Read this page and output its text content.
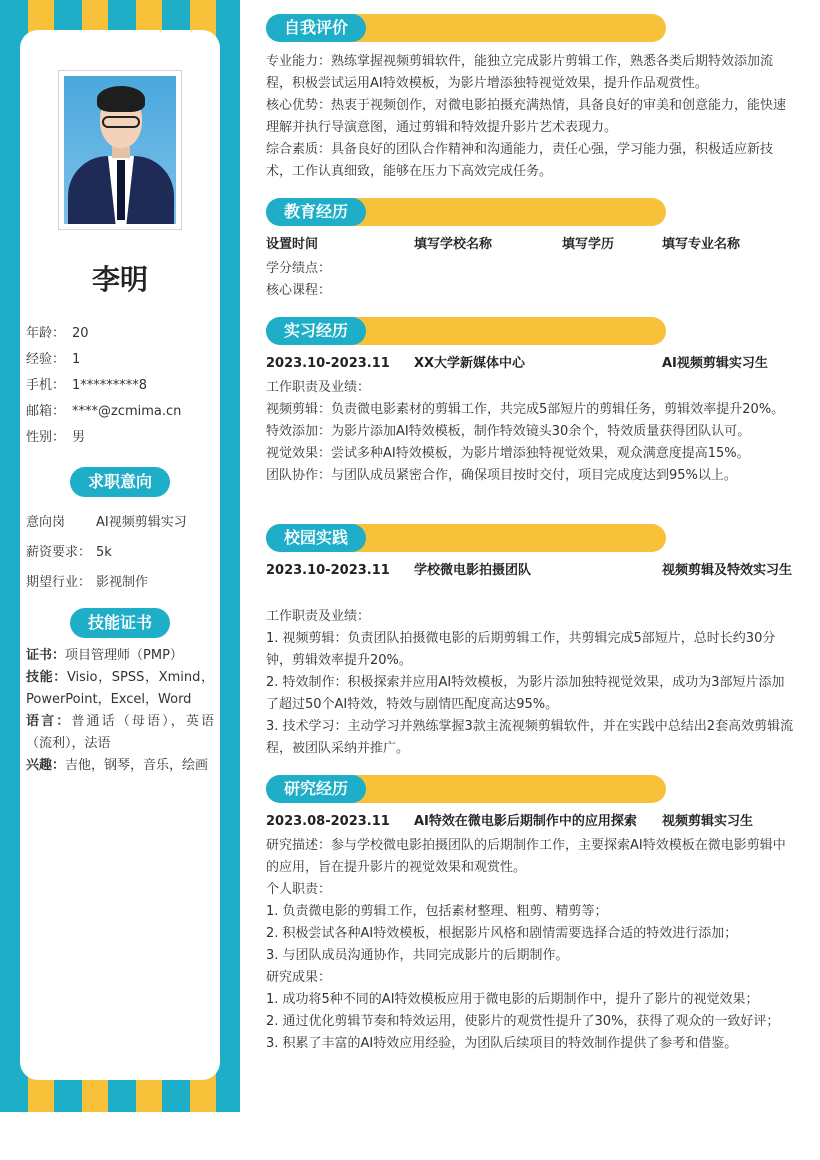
李明
年龄： 20
经验： 1
手机： 1*********8
邮箱： ****@zcmima.cn
性别： 男
求职意向
意向岗 AI视频剪辑实习
薪资要求： 5k
期望行业： 影视制作
技能证书
证书：项目管理师（PMP）
技能：Visio，SPSS，Xmind，PowerPoint，Excel，Word
语言：普通话（母语），英语（流利），法语
兴趣：吉他，钢琴，音乐，绘画
自我评价
专业能力：熟练掌握视频剪辑软件，能独立完成影片剪辑工作，熟悉各类后期特效添加流程，积极尝试运用AI特效模板，为影片增添独特视觉效果，提升作品观赏性。
核心优势：热衷于视频创作，对微电影拍摄充满热情，具备良好的审美和创意能力，能快速理解并执行导演意图，通过剪辑和特效提升影片艺术表现力。
综合素质：具备良好的团队合作精神和沟通能力，责任心强，学习能力强，积极适应新技术，工作认真细致，能够在压力下高效完成任务。
教育经历
设置时间	填写学校名称	填写学历	填写专业名称
学分绩点：
核心课程：
实习经历
2023.10-2023.11 XX大学新媒体中心	AI视频剪辑实习生
工作职责及业绩：
视频剪辑：负责微电影素材的剪辑工作，共完成5部短片的剪辑任务，剪辑效率提升20%。
特效添加：为影片添加AI特效模板，制作特效镜头30余个，特效质量获得团队认可。
视觉效果：尝试多种AI特效模板，为影片增添独特视觉效果，观众满意度提高15%。
团队协作：与团队成员紧密合作，确保项目按时交付，项目完成度达到95%以上。
校园实践
2023.10-2023.11 学校微电影拍摄团队	视频剪辑及特效实习生
工作职责及业绩：
1. 视频剪辑：负责团队拍摄微电影的后期剪辑工作，共剪辑完成5部短片，总时长约30分钟，剪辑效率提升20%。
2. 特效制作：积极探索并应用AI特效模板，为影片添加独特视觉效果，成功为3部短片添加了超过50个AI特效，特效与剧情匹配度高达95%。
3. 技术学习：主动学习并熟练掌握3款主流视频剪辑软件，并在实践中总结出2套高效剪辑流程，被团队采纳并推广。
研究经历
2023.08-2023.11 AI特效在微电影后期制作中的应用探索 视频剪辑实习生
研究描述：参与学校微电影拍摄团队的后期制作工作，主要探索AI特效模板在微电影剪辑中的应用，旨在提升影片的视觉效果和观赏性。
个人职责：
1. 负责微电影的剪辑工作，包括素材整理、粗剪、精剪等；
2. 积极尝试各种AI特效模板，根据影片风格和剧情需要选择合适的特效进行添加；
3. 与团队成员沟通协作，共同完成影片的后期制作。
研究成果：
1. 成功将5种不同的AI特效模板应用于微电影的后期制作中，提升了影片的视觉效果；
2. 通过优化剪辑节奏和特效运用，使影片的观赏性提升了30%，获得了观众的一致好评；
3. 积累了丰富的AI特效应用经验，为团队后续项目的特效制作提供了参考和借鉴。
